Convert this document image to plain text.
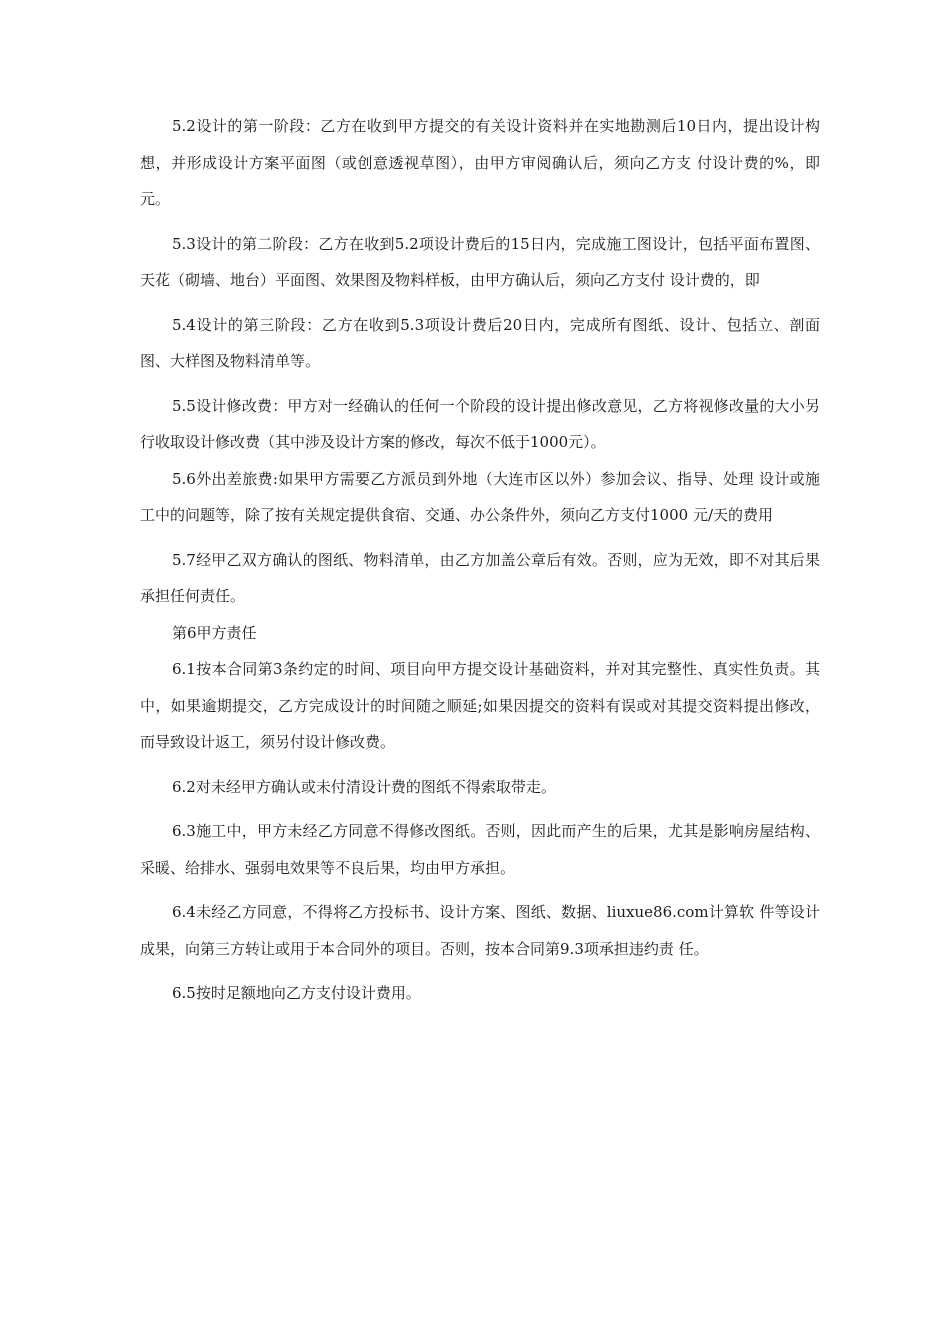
5.2设计的第一阶段：乙方在收到甲方提交的有关设计资料并在实地勘测后10日内，提出设计构想，并形成设计方案平面图（或创意透视草图），由甲方审阅确认后，须向乙方支 付设计费的%，即元。

5.3设计的第二阶段：乙方在收到5.2项设计费后的15日内，完成施工图设计，包括平面布置图、天花（砌墙、地台）平面图、效果图及物料样板，由甲方确认后，须向乙方支付 设计费的，即

5.4设计的第三阶段：乙方在收到5.3项设计费后20日内，完成所有图纸、设计、包括立、剖面图、大样图及物料清单等。

5.5设计修改费：甲方对一经确认的任何一个阶段的设计提出修改意见，乙方将视修改量的大小另行收取设计修改费（其中涉及设计方案的修改，每次不低于1000元）。

5.6外出差旅费:如果甲方需要乙方派员到外地（大连市区以外）参加会议、指导、处理 设计或施工中的问题等，除了按有关规定提供食宿、交通、办公条件外，须向乙方支付1000 元/天的费用

5.7经甲乙双方确认的图纸、物料清单，由乙方加盖公章后有效。否则，应为无效，即不对其后果承担任何责任。

第6甲方责任

6.1按本合同第3条约定的时间、项目向甲方提交设计基础资料，并对其完整性、真实性负责。其中，如果逾期提交，乙方完成设计的时间随之顺延;如果因提交的资料有误或对其提交资料提出修改，而导致设计返工，须另付设计修改费。

6.2对未经甲方确认或未付清设计费的图纸不得索取带走。

6.3施工中，甲方未经乙方同意不得修改图纸。否则，因此而产生的后果，尤其是影响房屋结构、采暖、给排水、强弱电效果等不良后果，均由甲方承担。

6.4未经乙方同意，不得将乙方投标书、设计方案、图纸、数据、liuxue86.com计算软 件等设计成果，向第三方转让或用于本合同外的项目。否则，按本合同第9.3项承担违约责 任。

6.5按时足额地向乙方支付设计费用。
